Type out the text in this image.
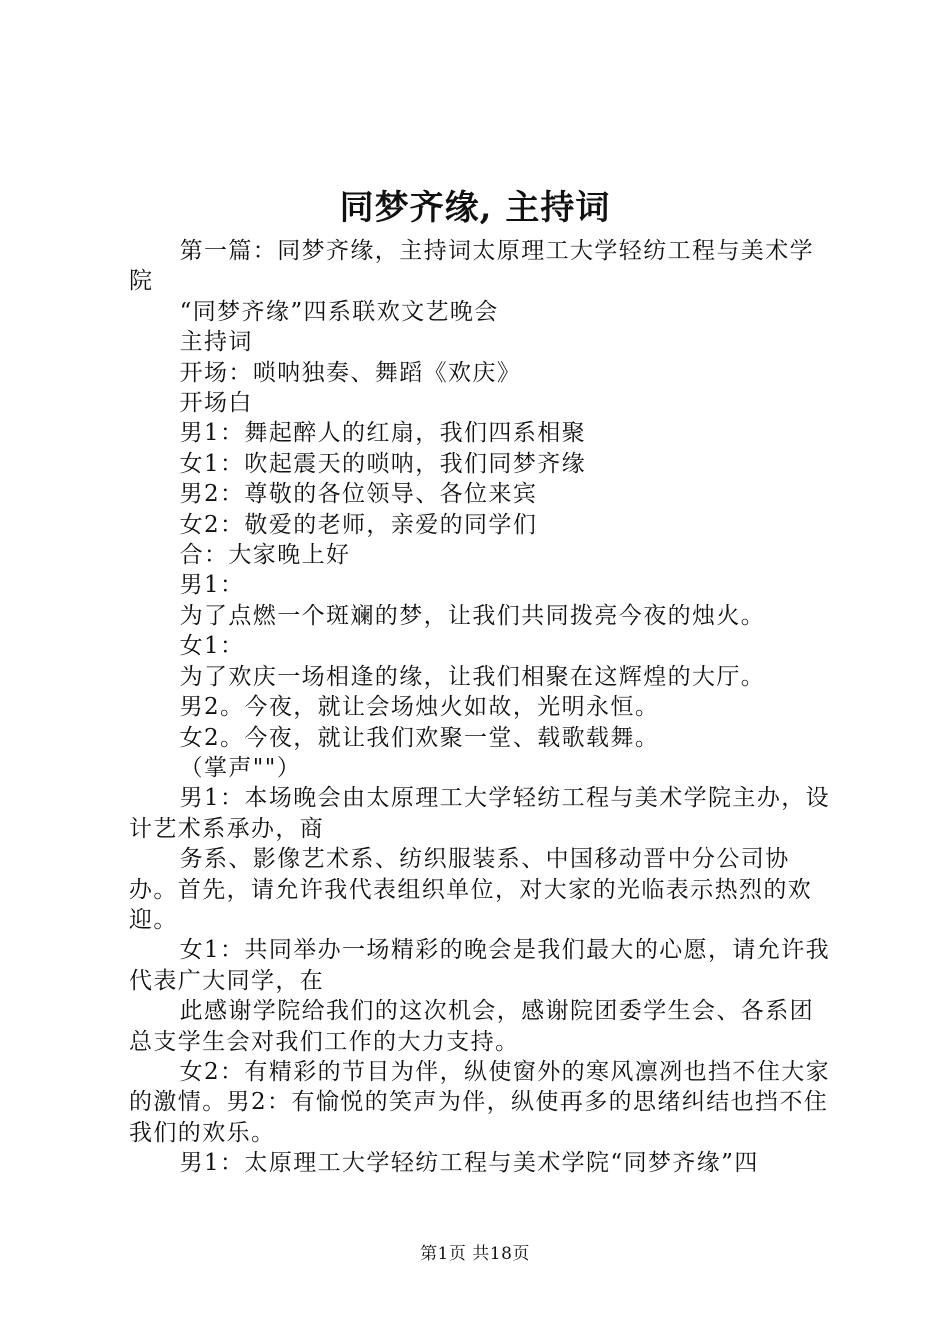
同梦齐缘, 主持词

第一篇：同梦齐缘，主持词太原理工大学轻纺工程与美术学院

“同梦齐缘”四系联欢文艺晚会

主持词

开场：唢呐独奏、舞蹈《欢庆》

开场白

男1：舞起醉人的红扇，我们四系相聚

女1：吹起震天的唢呐，我们同梦齐缘

男2：尊敬的各位领导、各位来宾

女2：敬爱的老师，亲爱的同学们

合：大家晚上好

男1：

为了点燃一个斑斓的梦，让我们共同拨亮今夜的烛火。

女1：

为了欢庆一场相逢的缘，让我们相聚在这辉煌的大厅。

男2。今夜，就让会场烛火如故，光明永恒。

女2。今夜，就让我们欢聚一堂、载歌载舞。

（掌声""）

男1：本场晚会由太原理工大学轻纺工程与美术学院主办，设计艺术系承办，商

务系、影像艺术系、纺织服装系、中国移动晋中分公司协办。首先，请允许我代表组织单位，对大家的光临表示热烈的欢迎。

女1：共同举办一场精彩的晚会是我们最大的心愿，请允许我代表广大同学，在

此感谢学院给我们的这次机会，感谢院团委学生会、各系团总支学生会对我们工作的大力支持。

女2：有精彩的节目为伴，纵使窗外的寒风凛冽也挡不住大家的激情。男2：有愉悦的笑声为伴，纵使再多的思绪纠结也挡不住我们的欢乐。

男1：太原理工大学轻纺工程与美术学院“同梦齐缘”四

第1页 共18页
